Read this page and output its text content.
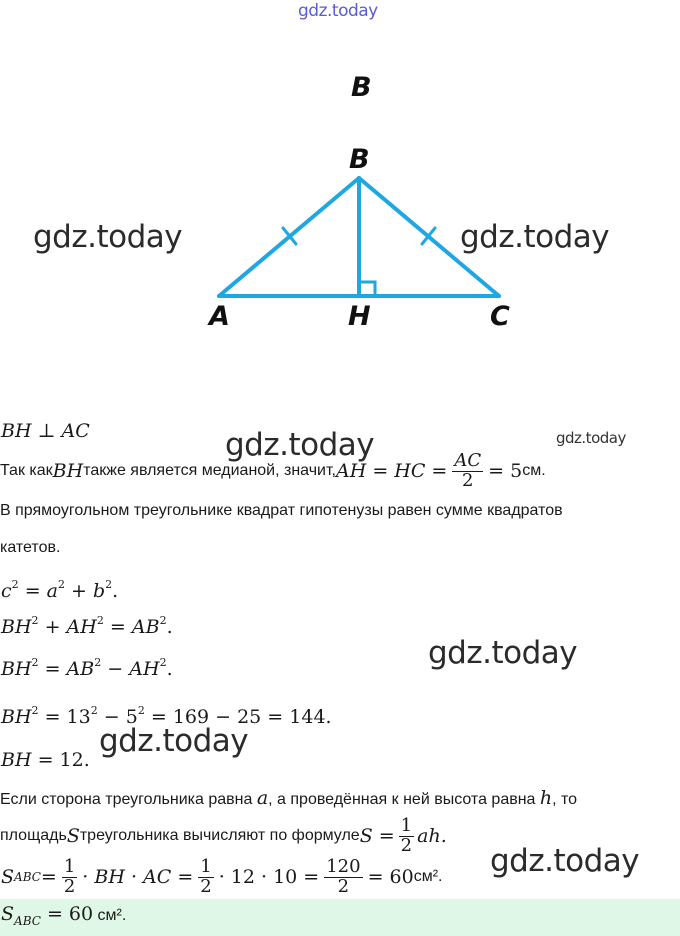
gdz.today
B
B
A	H	C
gdz.today	gdz.today
BH ⊥ AC	gdz.today	gdz.today
Так как BH также является медианой, значит, AH = HC = $\frac{AC}{2} = 5$ см.
В прямоугольном треугольнике квадрат гипотенузы равен сумме квадратов
катетов.
$c^2 = a^2 + b^2$.
$BH^2 + AH^2 = AB^2$.
$BH^2 = AB^2 - AH^2$.	gdz.today
$BH^2 = 13^2 - 5^2 = 169 - 25 = 144$.
BH = 12.
gdz.today
Если сторона треугольника равна a, а проведённая к ней высота равна h, то
площадь S треугольника вычисляют по формуле $S = \frac{1}{2}$ ah.
S ABC = $\frac{1}{2}$ · BH · AC = $\frac{1}{2} \cdot 12 \cdot 10 = \frac{120}{2} = 60$ см². gdz.today
$S_{ABC} = 60$ см².
